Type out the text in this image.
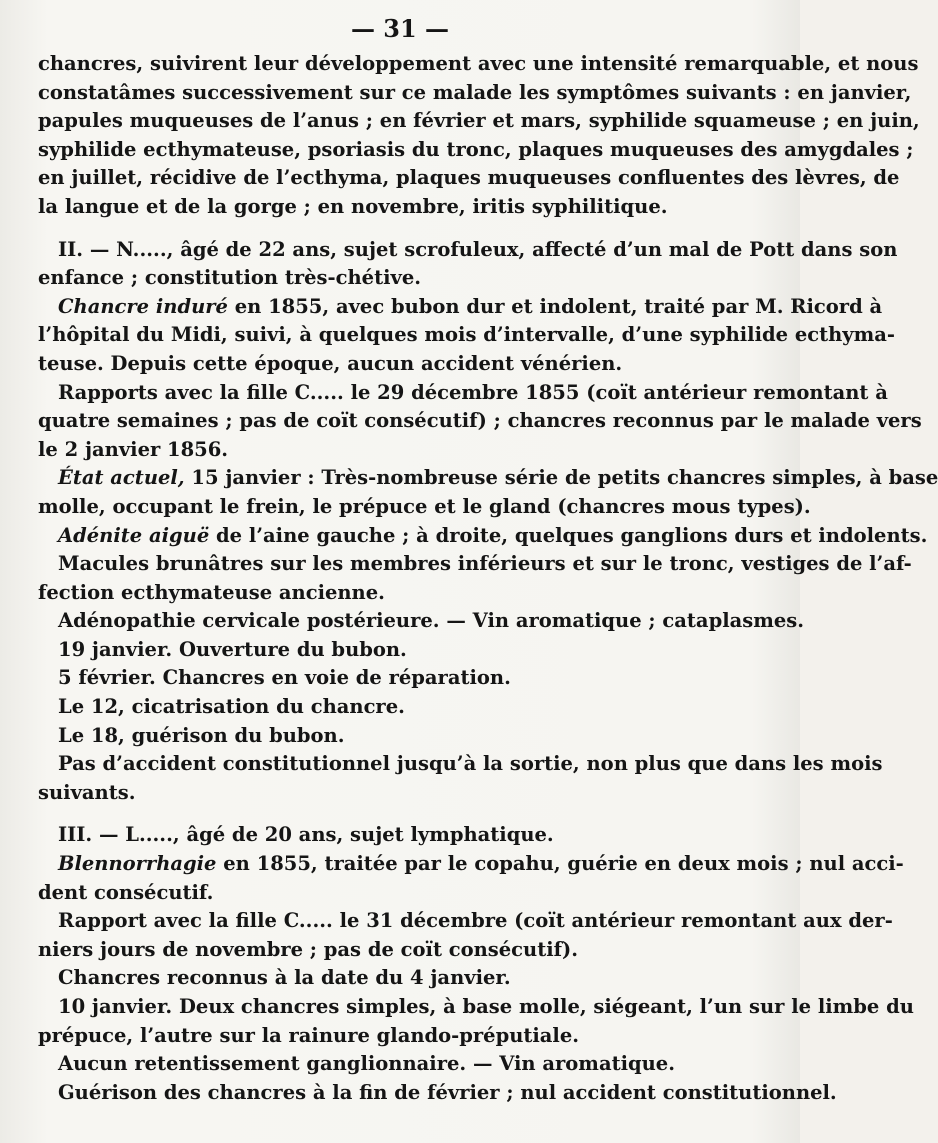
— 31 —
chancres, suivirent leur développement avec une intensité remarquable, et nous
constatâmes successivement sur ce malade les symptômes suivants : en janvier,
papules muqueuses de l’anus ; en février et mars, syphilide squameuse ; en juin,
syphilide ecthymateuse, psoriasis du tronc, plaques muqueuses des amygdales ;
en juillet, récidive de l’ecthyma, plaques muqueuses confluentes des lèvres, de
la langue et de la gorge ; en novembre, iritis syphilitique.
II. — N....., âgé de 22 ans, sujet scrofuleux, affecté d’un mal de Pott dans son
enfance ; constitution très-chétive.
Chancre induré en 1855, avec bubon dur et indolent, traité par M. Ricord à
l’hôpital du Midi, suivi, à quelques mois d’intervalle, d’une syphilide ecthyma-
teuse. Depuis cette époque, aucun accident vénérien.
Rapports avec la fille C..... le 29 décembre 1855 (coït antérieur remontant à
quatre semaines ; pas de coït consécutif) ; chancres reconnus par le malade vers
le 2 janvier 1856.
État actuel, 15 janvier : Très-nombreuse série de petits chancres simples, à base
molle, occupant le frein, le prépuce et le gland (chancres mous types).
Adénite aiguë de l’aine gauche ; à droite, quelques ganglions durs et indolents.
Macules brunâtres sur les membres inférieurs et sur le tronc, vestiges de l’af-
fection ecthymateuse ancienne.
Adénopathie cervicale postérieure. — Vin aromatique ; cataplasmes.
19 janvier. Ouverture du bubon.
5 février. Chancres en voie de réparation.
Le 12, cicatrisation du chancre.
Le 18, guérison du bubon.
Pas d’accident constitutionnel jusqu’à la sortie, non plus que dans les mois
suivants.
III. — L....., âgé de 20 ans, sujet lymphatique.
Blennorrhagie en 1855, traitée par le copahu, guérie en deux mois ; nul acci-
dent consécutif.
Rapport avec la fille C..... le 31 décembre (coït antérieur remontant aux der-
niers jours de novembre ; pas de coït consécutif).
Chancres reconnus à la date du 4 janvier.
10 janvier. Deux chancres simples, à base molle, siégeant, l’un sur le limbe du
prépuce, l’autre sur la rainure glando-préputiale.
Aucun retentissement ganglionnaire. — Vin aromatique.
Guérison des chancres à la fin de février ; nul accident constitutionnel.
